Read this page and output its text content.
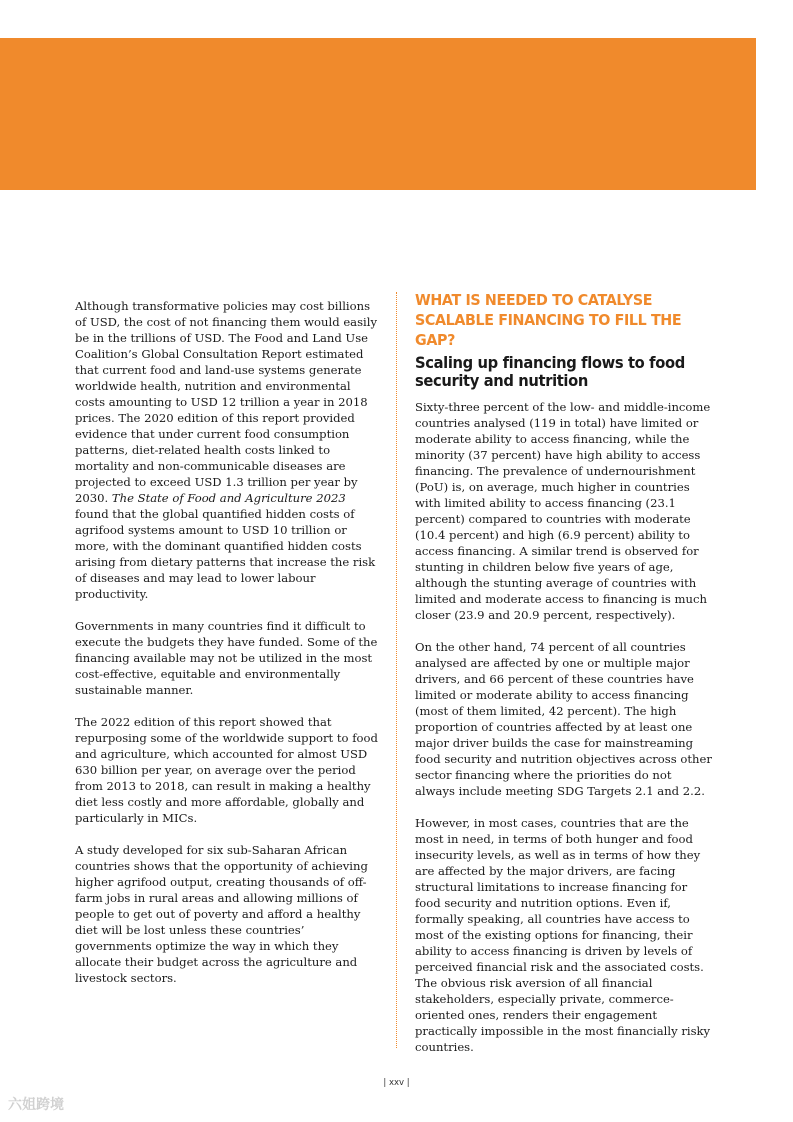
Although transformative policies may cost billions of USD, the cost of not financing them would easily be in the trillions of USD. The Food and Land Use Coalition’s Global Consultation Report estimated that current food and land-use systems generate worldwide health, nutrition and environmental costs amounting to USD 12 trillion a year in 2018 prices. The 2020 edition of this report provided evidence that under current food consumption patterns, diet-related health costs linked to mortality and non-communicable diseases are projected to exceed USD 1.3 trillion per year by 2030. The State of Food and Agriculture 2023 found that the global quantified hidden costs of agrifood systems amount to USD 10 trillion or more, with the dominant quantified hidden costs arising from dietary patterns that increase the risk of diseases and may lead to lower labour productivity.

Governments in many countries find it difficult to execute the budgets they have funded. Some of the financing available may not be utilized in the most cost-effective, equitable and environmentally sustainable manner.

The 2022 edition of this report showed that repurposing some of the worldwide support to food and agriculture, which accounted for almost USD 630 billion per year, on average over the period from 2013 to 2018, can result in making a healthy diet less costly and more affordable, globally and particularly in MICs.

A study developed for six sub-Saharan African countries shows that the opportunity of achieving higher agrifood output, creating thousands of off-farm jobs in rural areas and allowing millions of people to get out of poverty and afford a healthy diet will be lost unless these countries’ governments optimize the way in which they allocate their budget across the agriculture and livestock sectors.

WHAT IS NEEDED TO CATALYSE SCALABLE FINANCING TO FILL THE GAP?
Scaling up financing flows to food security and nutrition

Sixty-three percent of the low- and middle-income countries analysed (119 in total) have limited or moderate ability to access financing, while the minority (37 percent) have high ability to access financing. The prevalence of undernourishment (PoU) is, on average, much higher in countries with limited ability to access financing (23.1 percent) compared to countries with moderate (10.4 percent) and high (6.9 percent) ability to access financing. A similar trend is observed for stunting in children below five years of age, although the stunting average of countries with limited and moderate access to financing is much closer (23.9 and 20.9 percent, respectively).

On the other hand, 74 percent of all countries analysed are affected by one or multiple major drivers, and 66 percent of these countries have limited or moderate ability to access financing (most of them limited, 42 percent). The high proportion of countries affected by at least one major driver builds the case for mainstreaming food security and nutrition objectives across other sector financing where the priorities do not always include meeting SDG Targets 2.1 and 2.2.

However, in most cases, countries that are the most in need, in terms of both hunger and food insecurity levels, as well as in terms of how they are affected by the major drivers, are facing structural limitations to increase financing for food security and nutrition options. Even if, formally speaking, all countries have access to most of the existing options for financing, their ability to access financing is driven by levels of perceived financial risk and the associated costs. The obvious risk aversion of all financial stakeholders, especially private, commerce-oriented ones, renders their engagement practically impossible in the most financially risky countries.

| xxv |
六姐跨境
